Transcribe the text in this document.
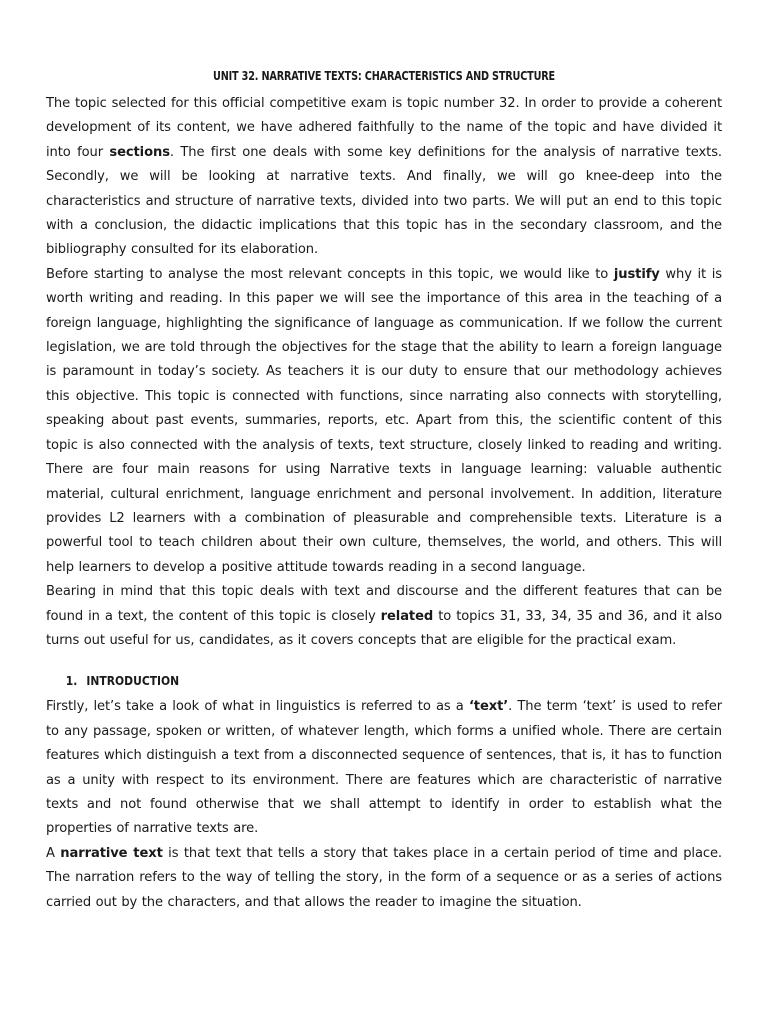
UNIT 32. NARRATIVE TEXTS: CHARACTERISTICS AND STRUCTURE

The topic selected for this official competitive exam is topic number 32. In order to provide a coherent development of its content, we have adhered faithfully to the name of the topic and have divided it into four sections. The first one deals with some key definitions for the analysis of narrative texts. Secondly, we will be looking at narrative texts. And finally, we will go knee-deep into the characteristics and structure of narrative texts, divided into two parts. We will put an end to this topic with a conclusion, the didactic implications that this topic has in the secondary classroom, and the bibliography consulted for its elaboration.

Before starting to analyse the most relevant concepts in this topic, we would like to justify why it is worth writing and reading. In this paper we will see the importance of this area in the teaching of a foreign language, highlighting the significance of language as communication. If we follow the current legislation, we are told through the objectives for the stage that the ability to learn a foreign language is paramount in today’s society. As teachers it is our duty to ensure that our methodology achieves this objective. This topic is connected with functions, since narrating also connects with storytelling, speaking about past events, summaries, reports, etc. Apart from this, the scientific content of this topic is also connected with the analysis of texts, text structure, closely linked to reading and writing. There are four main reasons for using Narrative texts in language learning: valuable authentic material, cultural enrichment, language enrichment and personal involvement. In addition, literature provides L2 learners with a combination of pleasurable and comprehensible texts. Literature is a powerful tool to teach children about their own culture, themselves, the world, and others. This will help learners to develop a positive attitude towards reading in a second language.

Bearing in mind that this topic deals with text and discourse and the different features that can be found in a text, the content of this topic is closely related to topics 31, 33, 34, 35 and 36, and it also turns out useful for us, candidates, as it covers concepts that are eligible for the practical exam.

1. INTRODUCTION

Firstly, let’s take a look of what in linguistics is referred to as a ‘text’. The term ‘text’ is used to refer to any passage, spoken or written, of whatever length, which forms a unified whole. There are certain features which distinguish a text from a disconnected sequence of sentences, that is, it has to function as a unity with respect to its environment. There are features which are characteristic of narrative texts and not found otherwise that we shall attempt to identify in order to establish what the properties of narrative texts are.

A narrative text is that text that tells a story that takes place in a certain period of time and place. The narration refers to the way of telling the story, in the form of a sequence or as a series of actions carried out by the characters, and that allows the reader to imagine the situation.
